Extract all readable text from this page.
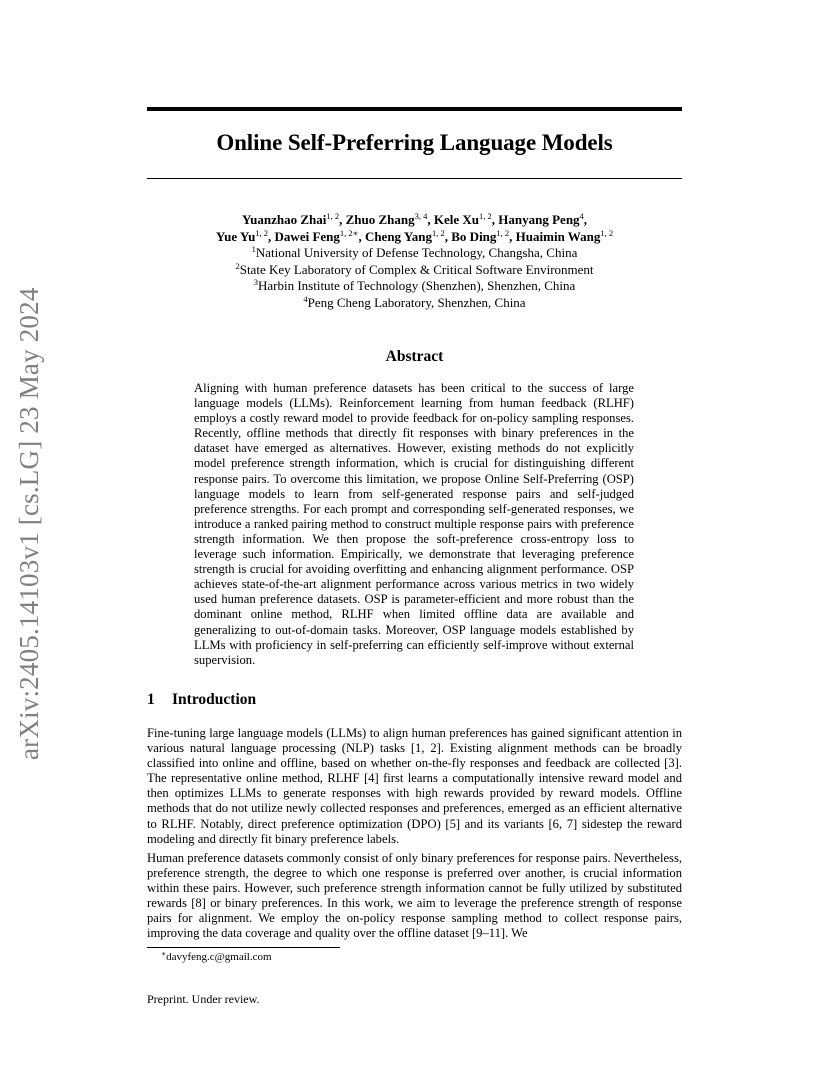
arXiv:2405.14103v1 [cs.LG] 23 May 2024
Online Self-Preferring Language Models
Yuanzhao Zhai$^{1, 2}$, Zhuo Zhang$^{3, 4}$, Kele Xu$^{1, 2}$, Hanyang Peng$^4$,
Yue Yu$^{1, 2}$, Dawei Feng$^{1, 2∗}$, Cheng Yang$^{1, 2}$, Bo Ding$^{1, 2}$, Huaimin Wang$^{1, 2}$
$^1$National University of Defense Technology, Changsha, China
$^2$State Key Laboratory of Complex & Critical Software Environment
$^3$Harbin Institute of Technology (Shenzhen), Shenzhen, China
$^4$Peng Cheng Laboratory, Shenzhen, China
Abstract
Aligning with human preference datasets has been critical to the success of large language models (LLMs). Reinforcement learning from human feedback (RLHF) employs a costly reward model to provide feedback for on-policy sampling responses. Recently, offline methods that directly fit responses with binary preferences in the dataset have emerged as alternatives. However, existing methods do not explicitly model preference strength information, which is crucial for distinguishing different response pairs. To overcome this limitation, we propose Online Self-Preferring (OSP) language models to learn from self-generated response pairs and self-judged preference strengths. For each prompt and corresponding self-generated responses, we introduce a ranked pairing method to construct multiple response pairs with preference strength information. We then propose the soft-preference cross-entropy loss to leverage such information. Empirically, we demonstrate that leveraging preference strength is crucial for avoiding overfitting and enhancing alignment performance. OSP achieves state-of-the-art alignment performance across various metrics in two widely used human preference datasets. OSP is parameter-efficient and more robust than the dominant online method, RLHF when limited offline data are available and generalizing to out-of-domain tasks. Moreover, OSP language models established by LLMs with proficiency in self-preferring can efficiently self-improve without external supervision.
1 Introduction
Fine-tuning large language models (LLMs) to align human preferences has gained significant attention in various natural language processing (NLP) tasks [1, 2]. Existing alignment methods can be broadly classified into online and offline, based on whether on-the-fly responses and feedback are collected [3]. The representative online method, RLHF [4] first learns a computationally intensive reward model and then optimizes LLMs to generate responses with high rewards provided by reward models. Offline methods that do not utilize newly collected responses and preferences, emerged as an efficient alternative to RLHF. Notably, direct preference optimization (DPO) [5] and its variants [6, 7] sidestep the reward modeling and directly fit binary preference labels.
Human preference datasets commonly consist of only binary preferences for response pairs. Nevertheless, preference strength, the degree to which one response is preferred over another, is crucial information within these pairs. However, such preference strength information cannot be fully utilized by substituted rewards [8] or binary preferences. In this work, we aim to leverage the preference strength of response pairs for alignment. We employ the on-policy response sampling method to collect response pairs, improving the data coverage and quality over the offline dataset [9–11]. We
∗davyfeng.c@gmail.com
Preprint. Under review.
